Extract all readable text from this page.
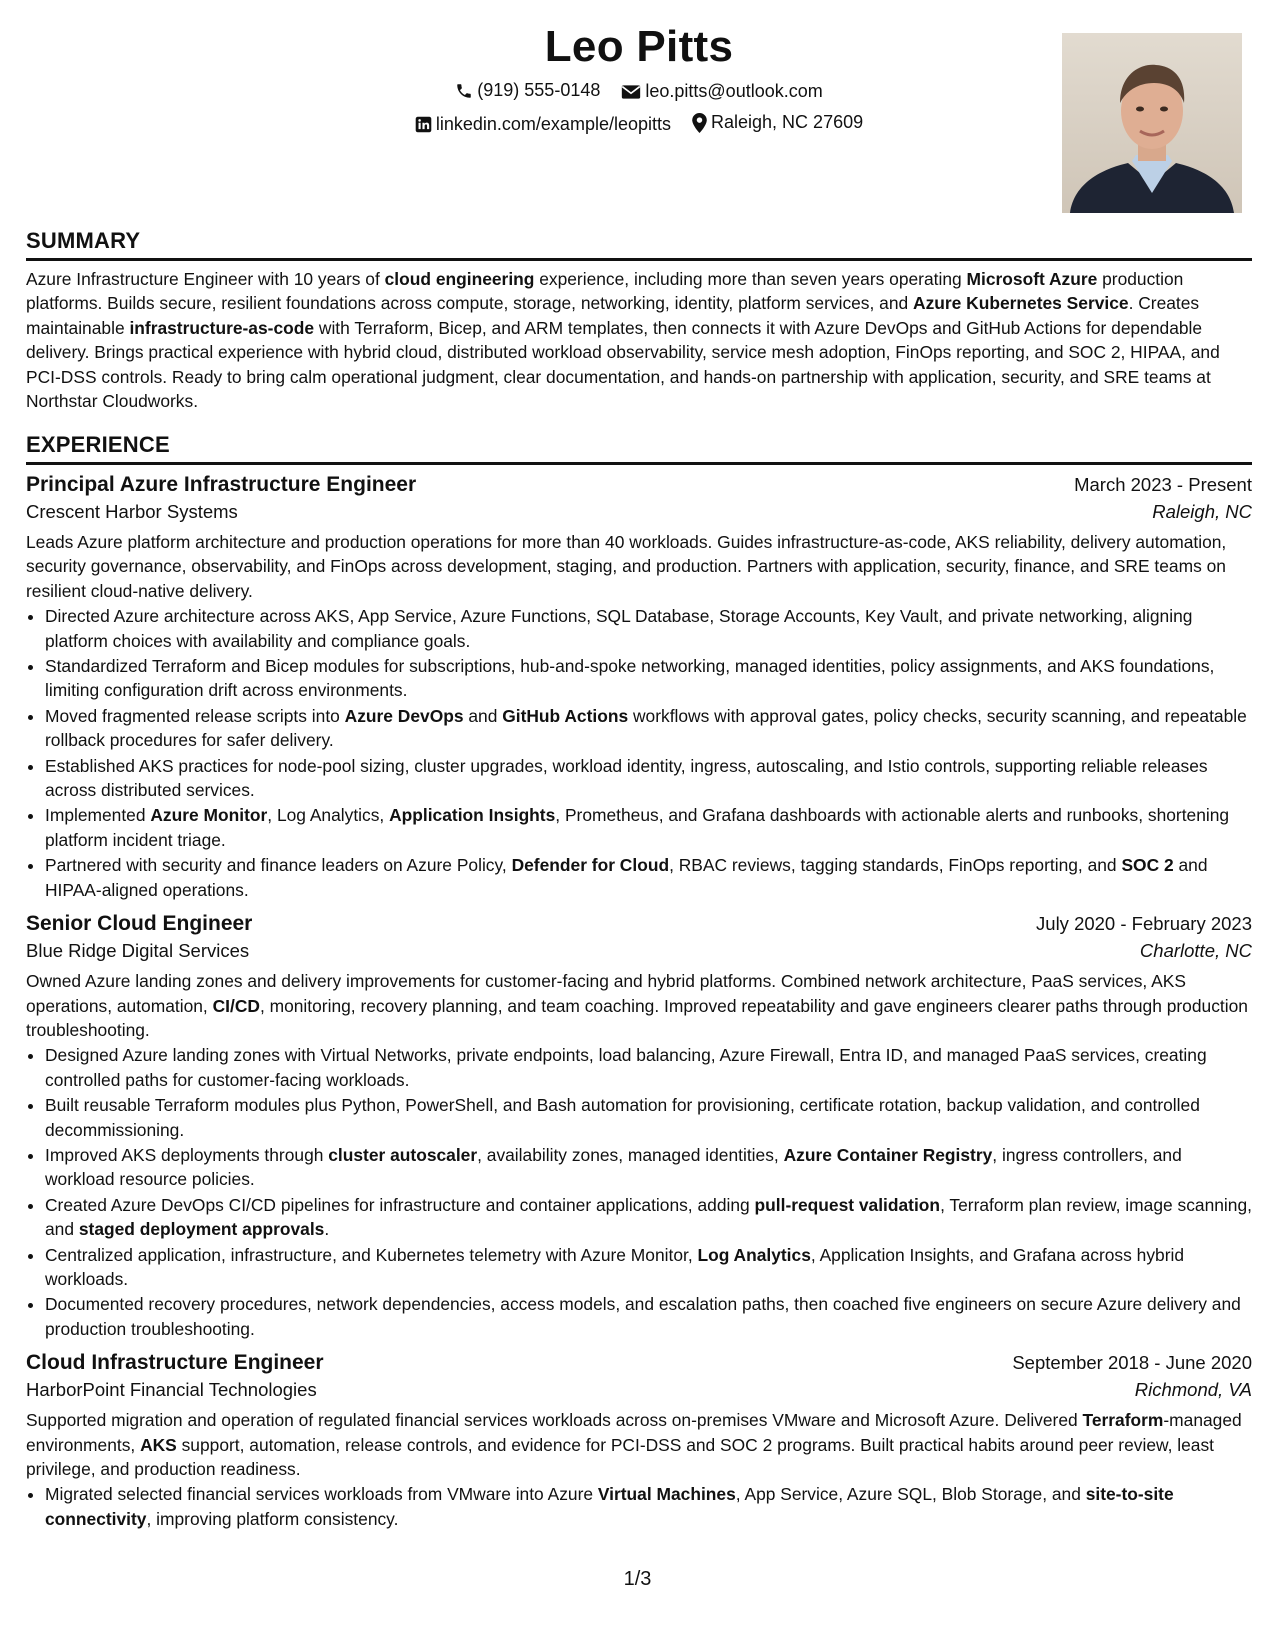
Leo Pitts
(919) 555-0148
	leo.pitts@outlook.com
linkedin.com/example/leopitts
Raleigh, NC 27609
SUMMARY

Azure Infrastructure Engineer with 10 years of cloud engineering experience, including more than seven years operating Microsoft Azure production platforms. Builds secure, resilient foundations across compute, storage, networking, identity, platform services, and Azure Kubernetes Service. Creates maintainable infrastructure-as-code with Terraform, Bicep, and ARM templates, then connects it with Azure DevOps and GitHub Actions for dependable delivery. Brings practical experience with hybrid cloud, distributed workload observability, service mesh adoption, FinOps reporting, and SOC 2, HIPAA, and PCI-DSS controls. Ready to bring calm operational judgment, clear documentation, and hands-on partnership with application, security, and SRE teams at Northstar Cloudworks.

EXPERIENCE
Principal Azure Infrastructure Engineer	March 2023 - Present
Crescent Harbor Systems	Raleigh, NC

Leads Azure platform architecture and production operations for more than 40 workloads. Guides infrastructure-as-code, AKS reliability, delivery automation, security governance, observability, and FinOps across development, staging, and production. Partners with application, security, finance, and SRE teams on resilient cloud-native delivery.

• Directed Azure architecture across AKS, App Service, Azure Functions, SQL Database, Storage Accounts, Key Vault, and private networking, aligning platform choices with availability and compliance goals.
• Standardized Terraform and Bicep modules for subscriptions, hub-and-spoke networking, managed identities, policy assignments, and AKS foundations, limiting configuration drift across environments.
• Moved fragmented release scripts into Azure DevOps and GitHub Actions workflows with approval gates, policy checks, security scanning, and repeatable rollback procedures for safer delivery.
• Established AKS practices for node-pool sizing, cluster upgrades, workload identity, ingress, autoscaling, and Istio controls, supporting reliable releases across distributed services.
• Implemented Azure Monitor, Log Analytics, Application Insights, Prometheus, and Grafana dashboards with actionable alerts and runbooks, shortening platform incident triage.
• Partnered with security and finance leaders on Azure Policy, Defender for Cloud, RBAC reviews, tagging standards, FinOps reporting, and SOC 2 and HIPAA-aligned operations.
Senior Cloud Engineer	July 2020 - February 2023
Blue Ridge Digital Services	Charlotte, NC

Owned Azure landing zones and delivery improvements for customer-facing and hybrid platforms. Combined network architecture, PaaS services, AKS operations, automation, CI/CD, monitoring, recovery planning, and team coaching. Improved repeatability and gave engineers clearer paths through production troubleshooting.

• Designed Azure landing zones with Virtual Networks, private endpoints, load balancing, Azure Firewall, Entra ID, and managed PaaS services, creating controlled paths for customer-facing workloads.
• Built reusable Terraform modules plus Python, PowerShell, and Bash automation for provisioning, certificate rotation, backup validation, and controlled decommissioning.
• Improved AKS deployments through cluster autoscaler, availability zones, managed identities, Azure Container Registry, ingress controllers, and workload resource policies.
• Created Azure DevOps CI/CD pipelines for infrastructure and container applications, adding pull-request validation, Terraform plan review, image scanning, and staged deployment approvals.
• Centralized application, infrastructure, and Kubernetes telemetry with Azure Monitor, Log Analytics, Application Insights, and Grafana across hybrid workloads.
• Documented recovery procedures, network dependencies, access models, and escalation paths, then coached five engineers on secure Azure delivery and production troubleshooting.
Cloud Infrastructure Engineer	September 2018 - June 2020
HarborPoint Financial Technologies	Richmond, VA

Supported migration and operation of regulated financial services workloads across on-premises VMware and Microsoft Azure. Delivered Terraform-managed environments, AKS support, automation, release controls, and evidence for PCI-DSS and SOC 2 programs. Built practical habits around peer review, least privilege, and production readiness.

• Migrated selected financial services workloads from VMware into Azure Virtual Machines, App Service, Azure SQL, Blob Storage, and site-to-site connectivity, improving platform consistency.
1/3
